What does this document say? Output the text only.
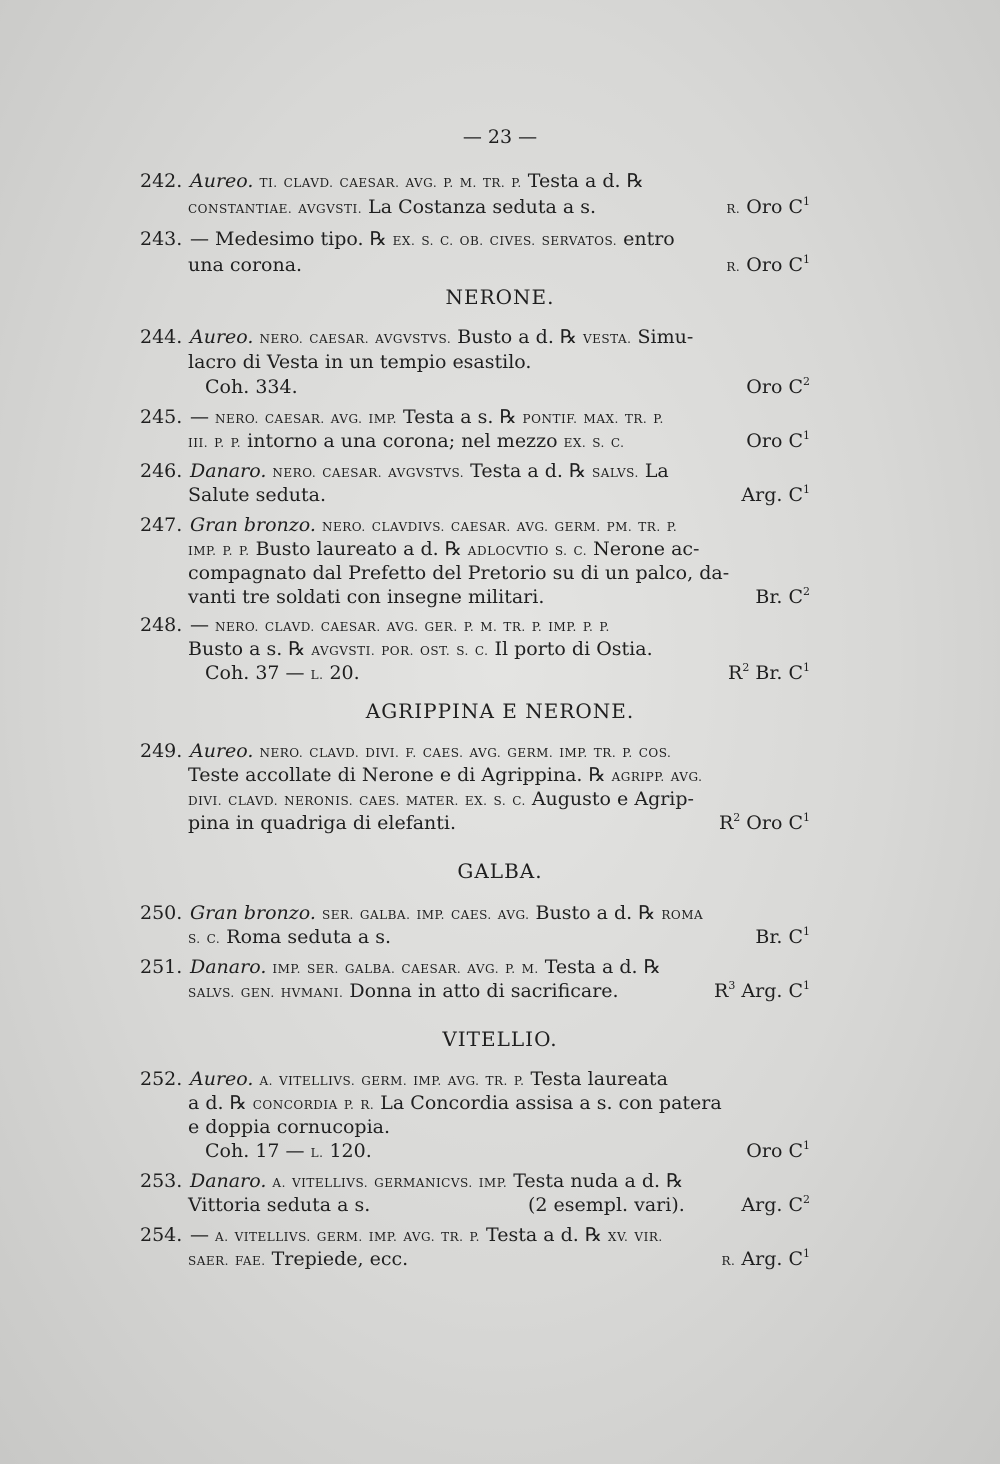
— 23 —
242. Aureo. TI. CLAVD. CAESAR. AVG. P. M. TR. P. Testa a d. ℞
CONSTANTIAE. AVGVSTI. La Costanza seduta a s.	R. Oro $C^1$
243. — Medesimo tipo. ℞ EX. S. C. OB. CIVES. SERVATOS. entro
una corona.	R. Oro $C^1$
NERONE.
244. Aureo. NERO. CAESAR. AVGVSTVS. Busto a d. ℞ VESTA. Simu-
lacro di Vesta in un tempio esastilo.
Coh. 334.	Oro $C^2$
245. — NERO. CAESAR. AVG. IMP. Testa a s. ℞ PONTIF. MAX. TR. P.
III. P. P. intorno a una corona; nel mezzo EX. S. C.	Oro $C^1$
246. Danaro. NERO. CAESAR. AVGVSTVS. Testa a d. ℞ SALVS. La
Salute seduta.	Arg. $C^1$
247. Gran bronzo. NERO. CLAVDIVS. CAESAR. AVG. GERM. PM. TR. P.
IMP. P. P. Busto laureato a d. ℞ ADLOCVTIO S. C. Nerone ac-
compagnato dal Prefetto del Pretorio su di un palco, da-
vanti tre soldati con insegne militari.	Br. $C^2$
248. — NERO. CLAVD. CAESAR. AVG. GER. P. M. TR. P. IMP. P. P.
Busto a s. ℞ AVGVSTI. POR. OST. S. C. Il porto di Ostia.
Coh. 37 — L. 20.	$R^2$ Br. $C^1$
AGRIPPINA E NERONE.
249. Aureo. NERO. CLAVD. DIVI. F. CAES. AVG. GERM. IMP. TR. P. COS.
Teste accollate di Nerone e di Agrippina. ℞ AGRIPP. AVG.
DIVI. CLAVD. NERONIS. CAES. MATER. EX. S. C. Augusto e Agrip-
pina in quadriga di elefanti.	$R^2$ Oro $C^1$
GALBA.
250. Gran bronzo. SER. GALBA. IMP. CAES. AVG. Busto a d. ℞ ROMA
S. C. Roma seduta a s.	Br. $C^1$
251. Danaro. IMP. SER. GALBA. CAESAR. AVG. P. M. Testa a d. ℞
SALVS. GEN. HVMANI. Donna in atto di sacrificare.	$R^3$ Arg. $C^1$
VITELLIO.
252. Aureo. A. VITELLIVS. GERM. IMP. AVG. TR. P. Testa laureata
a d. ℞ CONCORDIA P. R. La Concordia assisa a s. con patera
e doppia cornucopia.
Coh. 17 — L. 120.	Oro $C^1$
253. Danaro. A. VITELLIVS. GERMANICVS. IMP. Testa nuda a d. ℞
Vittoria seduta a s.	(2 esempl. vari).	Arg. $C^2$
254. — A. VITELLIVS. GERM. IMP. AVG. TR. P. Testa a d. ℞ XV. VIR.
SAER. FAE. Trepiede, ecc.	R. Arg. $C^1$
